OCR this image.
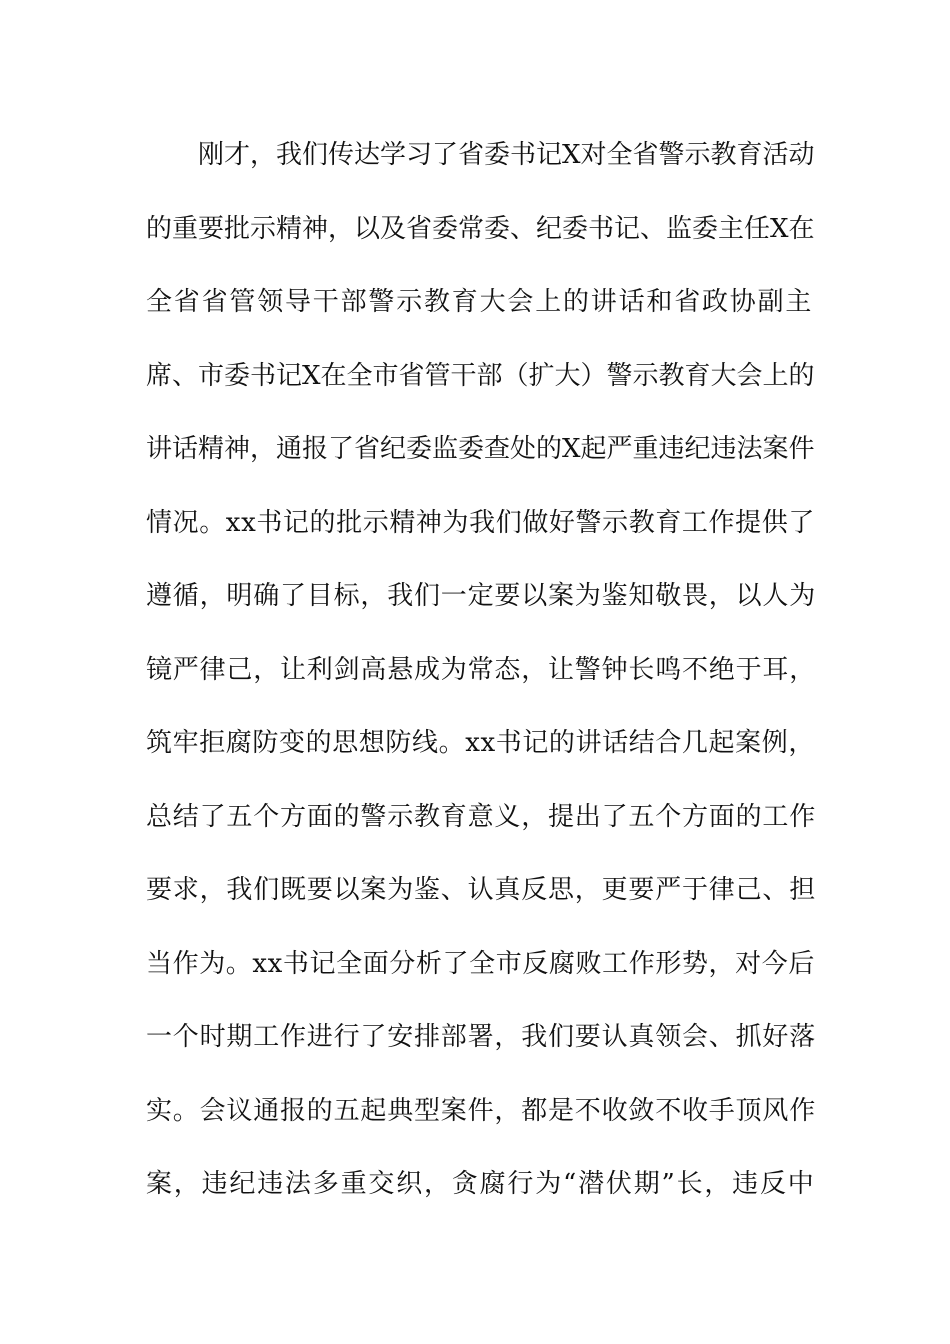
刚才，我们传达学习了省委书记X对全省警示教育活动
的重要批示精神，以及省委常委、纪委书记、监委主任X在
全省省管领导干部警示教育大会上的讲话和省政协副主
席、市委书记X在全市省管干部（扩大）警示教育大会上的
讲话精神，通报了省纪委监委查处的X起严重违纪违法案件
情况。xx书记的批示精神为我们做好警示教育工作提供了
遵循，明确了目标，我们一定要以案为鉴知敬畏，以人为
镜严律己，让利剑高悬成为常态，让警钟长鸣不绝于耳，
筑牢拒腐防变的思想防线。xx书记的讲话结合几起案例，
总结了五个方面的警示教育意义，提出了五个方面的工作
要求，我们既要以案为鉴、认真反思，更要严于律己、担
当作为。xx书记全面分析了全市反腐败工作形势，对今后
一个时期工作进行了安排部署，我们要认真领会、抓好落
实。会议通报的五起典型案件，都是不收敛不收手顶风作
案，违纪违法多重交织，贪腐行为“潜伏期”长，违反中
